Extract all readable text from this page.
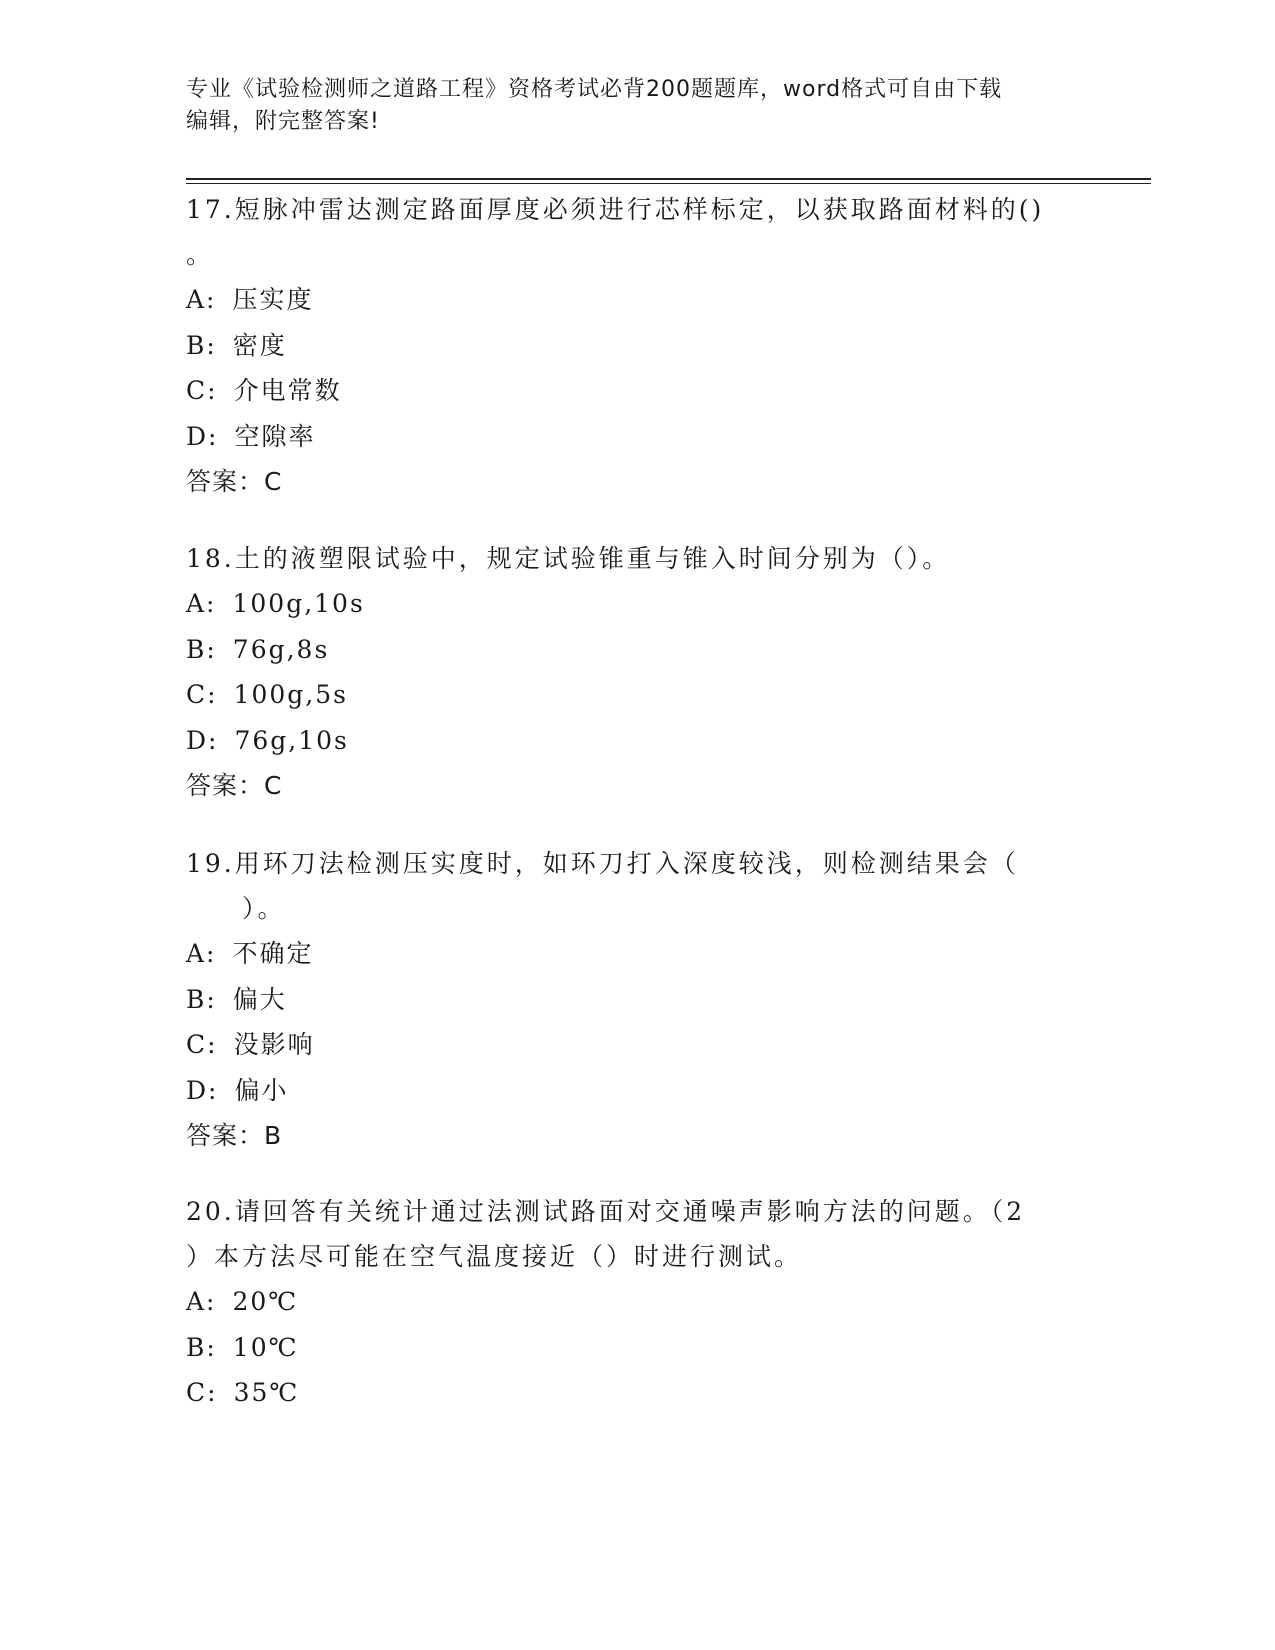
专业《试验检测师之道路工程》资格考试必背200题题库，word格式可自由下载
编辑，附完整答案!

17.短脉冲雷达测定路面厚度必须进行芯样标定，以获取路面材料的()

。

A: 压实度

B: 密度

C: 介电常数

D: 空隙率

答案：C

18.土的液塑限试验中，规定试验锥重与锥入时间分别为（）。

A: 100g,10s

B: 76g,8s

C: 100g,5s

D: 76g,10s

答案：C

19.用环刀法检测压实度时，如环刀打入深度较浅，则检测结果会（

　　）。

A: 不确定

B: 偏大

C: 没影响

D: 偏小

答案：B

20.请回答有关统计通过法测试路面对交通噪声影响方法的问题。（2

）本方法尽可能在空气温度接近（）时进行测试。

A: 20℃

B: 10℃

C: 35℃
